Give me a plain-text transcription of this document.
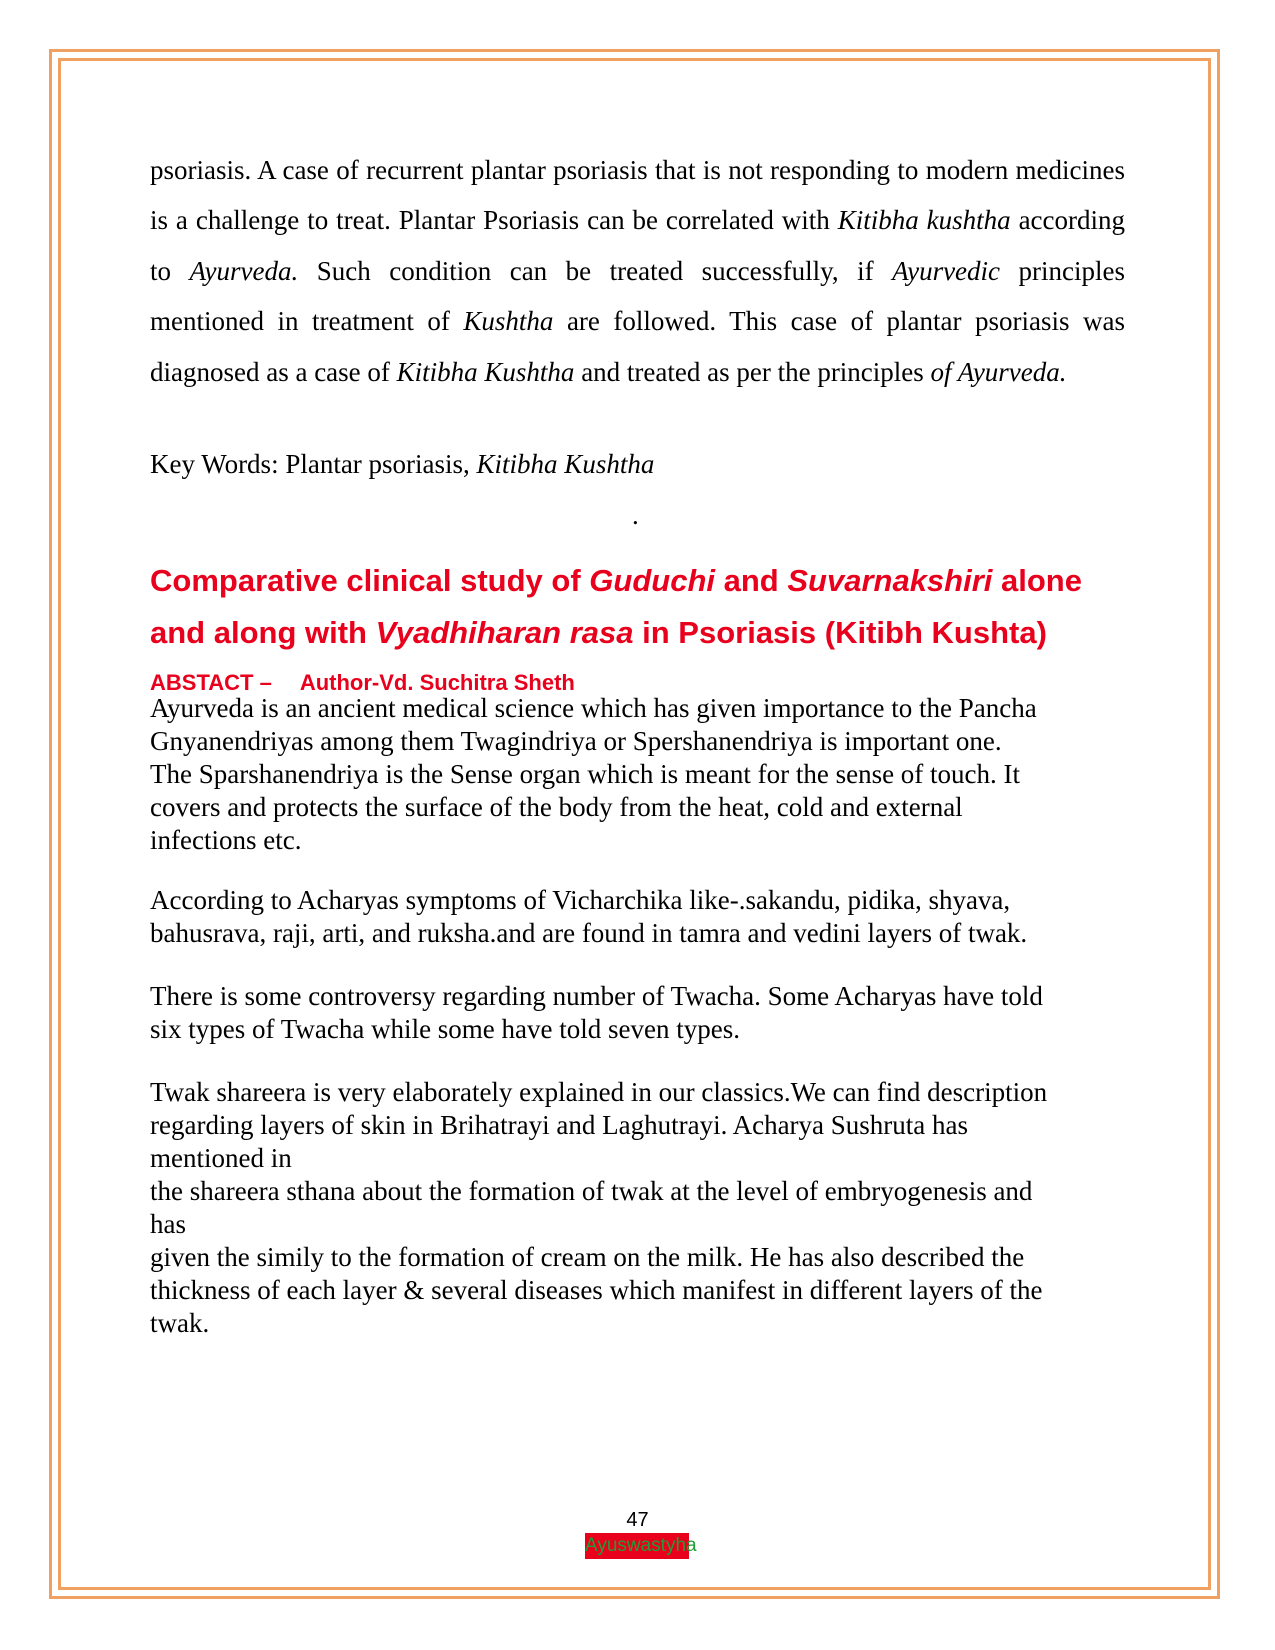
psoriasis. A case of recurrent plantar psoriasis that is not responding to modern medicines is a challenge to treat. Plantar Psoriasis can be correlated with Kitibha kushtha according to Ayurveda. Such condition can be treated successfully, if Ayurvedic principles mentioned in treatment of Kushtha are followed. This case of plantar psoriasis was diagnosed as a case of Kitibha Kushtha and treated as per the principles of Ayurveda.

Key Words: Plantar psoriasis, Kitibha Kushtha

.
Comparative clinical study of Guduchi and Suvarnakshiri alone
and along with Vyadhiharan rasa in Psoriasis (Kitibh Kushta)
ABSTACT – Author-Vd. Suchitra Sheth

Ayurveda is an ancient medical science which has given importance to the Pancha
Gnyanendriyas among them Twagindriya or Spershanendriya is important one.
The Sparshanendriya is the Sense organ which is meant for the sense of touch. It
covers and protects the surface of the body from the heat, cold and external
infections etc.

According to Acharyas symptoms of Vicharchika like-.sakandu, pidika, shyava,
bahusrava, raji, arti, and ruksha.and are found in tamra and vedini layers of twak.

There is some controversy regarding number of Twacha. Some Acharyas have told
six types of Twacha while some have told seven types.

Twak shareera is very elaborately explained in our classics.We can find description
regarding layers of skin in Brihatrayi and Laghutrayi. Acharya Sushruta has
mentioned in
the shareera sthana about the formation of twak at the level of embryogenesis and
has
given the simily to the formation of cream on the milk. He has also described the
thickness of each layer & several diseases which manifest in different layers of the
twak.

47
Ayuswastyha
